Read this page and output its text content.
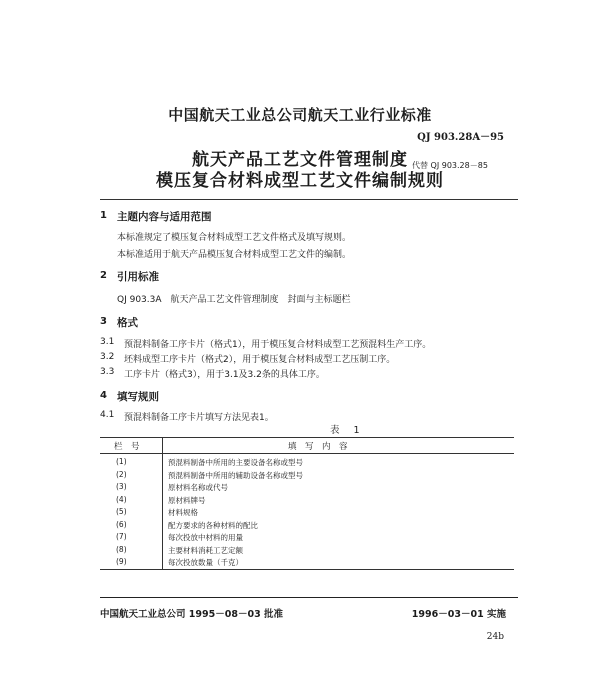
中国航天工业总公司航天工业行业标准
QJ 903.28A－95
航天产品工艺文件管理制度
模压复合材料成型工艺文件编制规则
代替 QJ 903.28－85
1 主题内容与适用范围
本标准规定了模压复合材料成型工艺文件格式及填写规则。
本标准适用于航天产品模压复合材料成型工艺文件的编制。
2 引用标准
QJ 903.3A　航天产品工艺文件管理制度　封面与主标题栏
3 格式
3.1 预混料制备工序卡片（格式1），用于模压复合材料成型工艺预混料生产工序。
3.2 坯料成型工序卡片（格式2），用于模压复合材料成型工艺压制工序。
3.3 工序卡片（格式3），用于3.1及3.2条的具体工序。
4 填写规则
4.1 预混料制备工序卡片填写方法见表1。
表 1
栏　号	填　写　内　容
(1)	预混料制备中所用的主要设备名称或型号
(2)	预混料制备中所用的辅助设备名称或型号
(3)	原材料名称或代号
(4)	原材料牌号
(5)	材料规格
(6)	配方要求的各种材料的配比
(7)	每次投放中材料的用量
(8)	主要材料消耗工艺定额
(9)	每次投放数量（千克）
中国航天工业总公司 1995－08－03 批准	1996－03－01 实施
24b
